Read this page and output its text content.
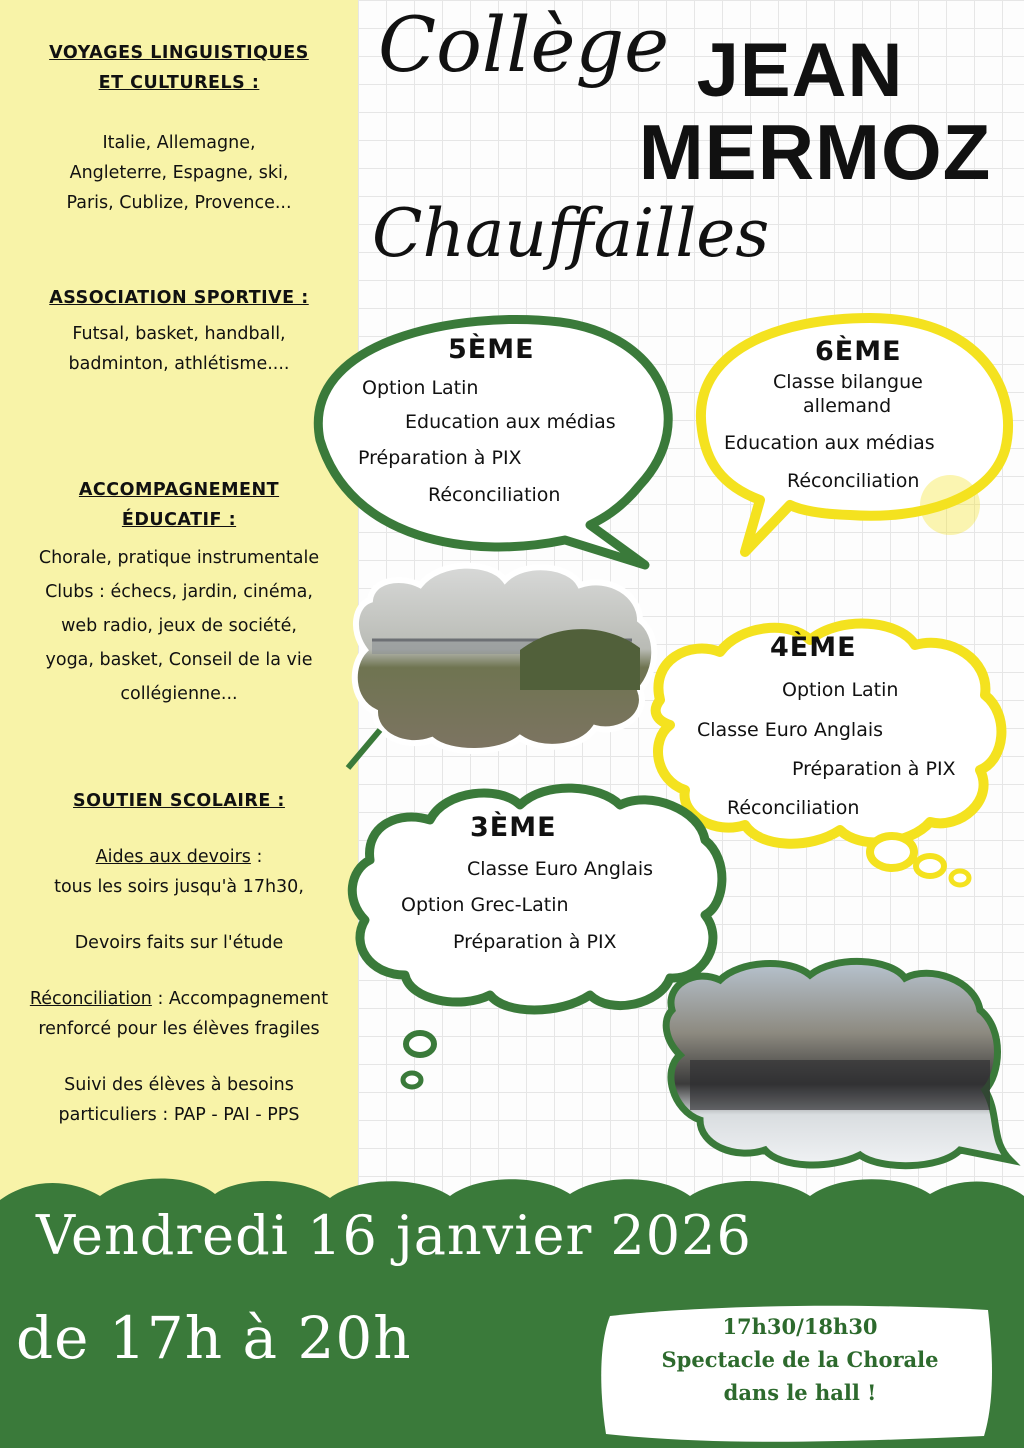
VOYAGES LINGUISTIQUES
ET CULTURELS :
Italie, Allemagne,
Angleterre, Espagne, ski,
Paris, Cublize, Provence...
ASSOCIATION SPORTIVE :
Futsal, basket, handball,
badminton, athlétisme....
ACCOMPAGNEMENT
ÉDUCATIF :
Chorale, pratique instrumentale
Clubs : échecs, jardin, cinéma,
web radio, jeux de société,
yoga, basket, Conseil de la vie
collégienne...
SOUTIEN SCOLAIRE :
Aides aux devoirs :
tous les soirs jusqu'à 17h30,
Devoirs faits sur l'étude
Réconciliation : Accompagnement
renforcé pour les élèves fragiles
Suivi des élèves à besoins
particuliers : PAP - PAI - PPS
Collège JEAN
MERMOZ
Chauffailles
5ÈME
Option Latin
Education aux médias
Préparation à PIX
Réconciliation
6ÈME
Classe bilangue
allemand
Education aux médias
Réconciliation
4ÈME
Option Latin
Classe Euro Anglais
Préparation à PIX
Réconciliation
3ÈME
Classe Euro Anglais
Option Grec-Latin
Préparation à PIX
Vendredi 16 janvier 2026
de 17h à 20h	17h30/18h30
Spectacle de la Chorale
dans le hall !
